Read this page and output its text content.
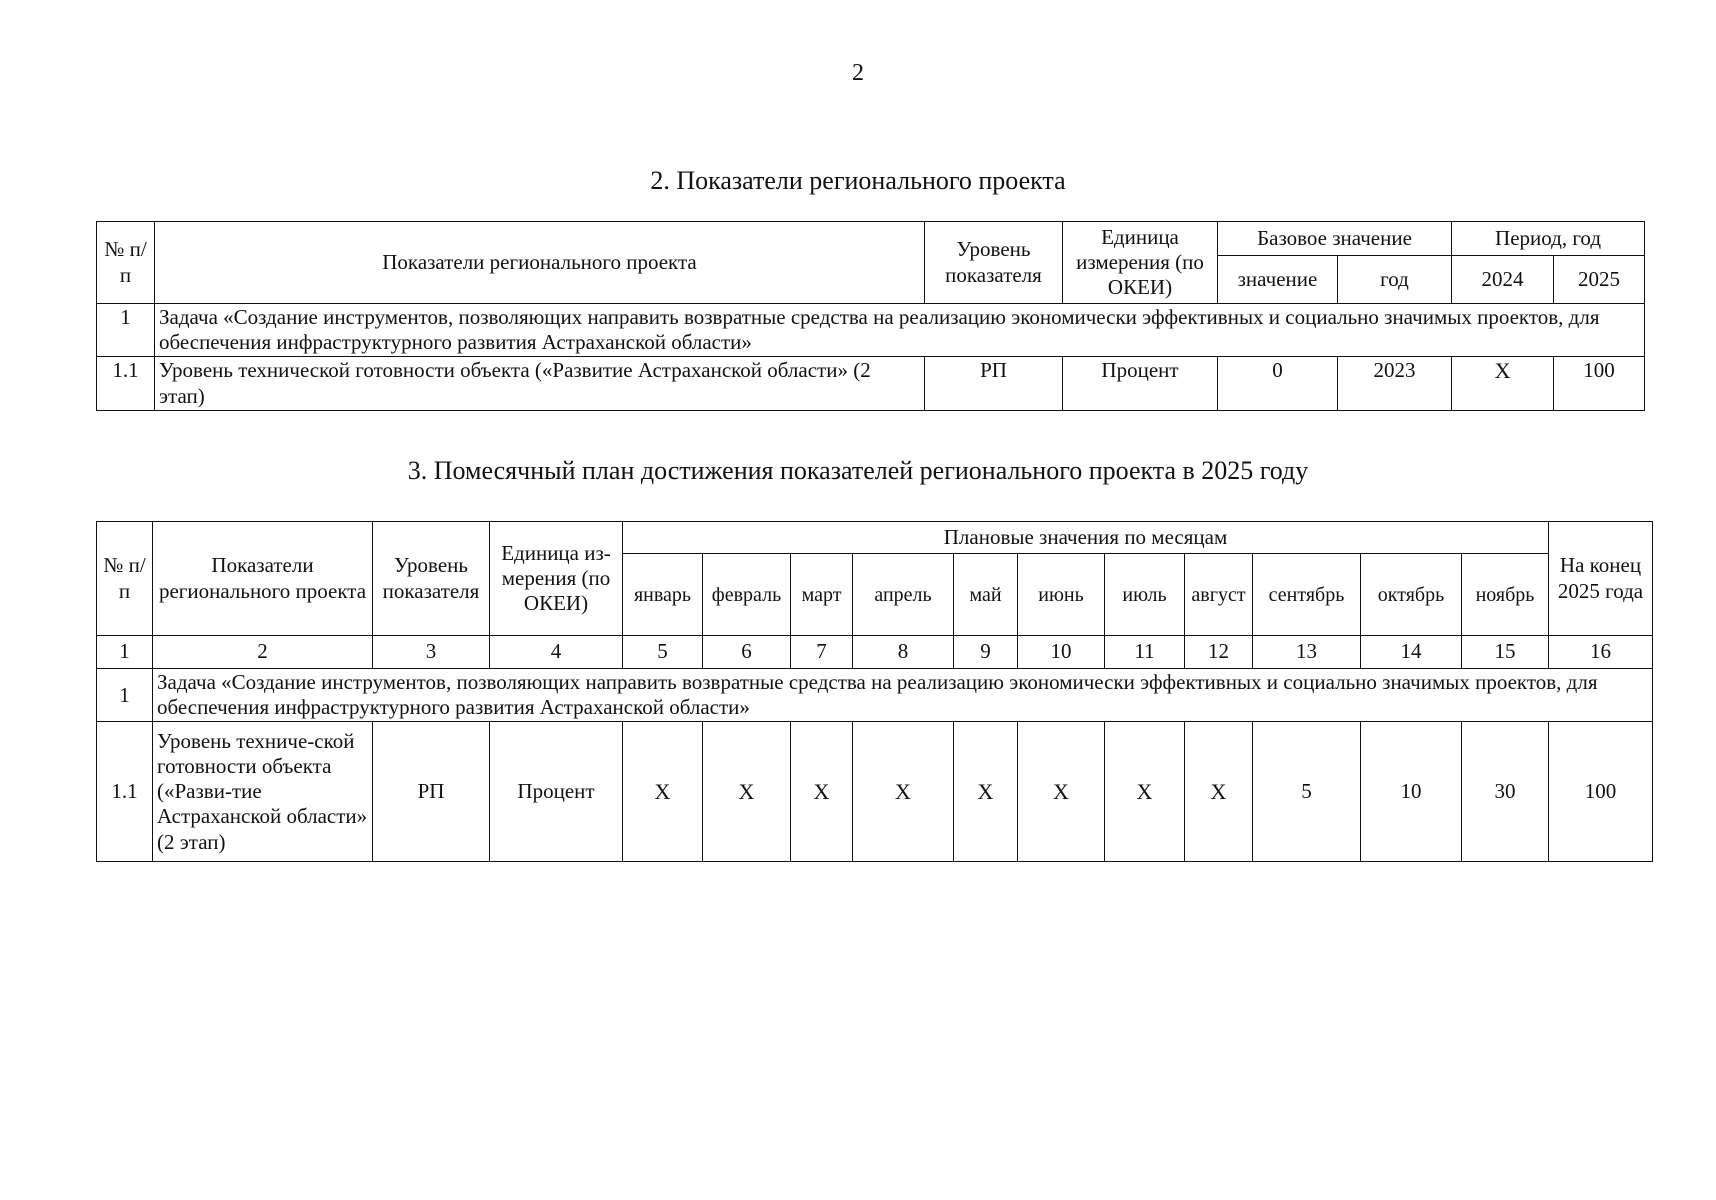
2
2. Показатели регионального проекта
№ п/п	Показатели регионального проекта	Уровень показателя	Единица измерения (по ОКЕИ)	Базовое значение		Период, год	
				значение	год	2024	2025
1	Задача «Создание инструментов, позволяющих направить возвратные средства на реализацию экономически эффективных и социально значимых проектов, для обеспечения инфраструктурного развития Астраханской области»						
1.1	Уровень технической готовности объекта («Развитие Астраханской области» (2 этап)	РП	Процент	0	2023	Х	100
3. Помесячный план достижения показателей регионального проекта в 2025 году
№ п/п	Показатели регионального проекта	Уровень показателя	Единица из-мерения (по ОКЕИ)	Плановые значения по месяцам											На конец 2025 года
				январь	февраль	март	апрель	май	июнь	июль	август	сентябрь	октябрь	ноябрь	
1	2	3	4	5	6	7	8	9	10	11	12	13	14	15	16
1	Задача «Создание инструментов, позволяющих направить возвратные средства на реализацию экономически эффективных и социально значимых проектов, для обеспечения инфраструктурного развития Астраханской области»														
1.1	Уровень техниче-ской готовности объекта («Разви-тие Астраханской области» (2 этап)	РП	Процент	Х	Х	Х	Х	Х	Х	Х	Х	5	10	30	100
